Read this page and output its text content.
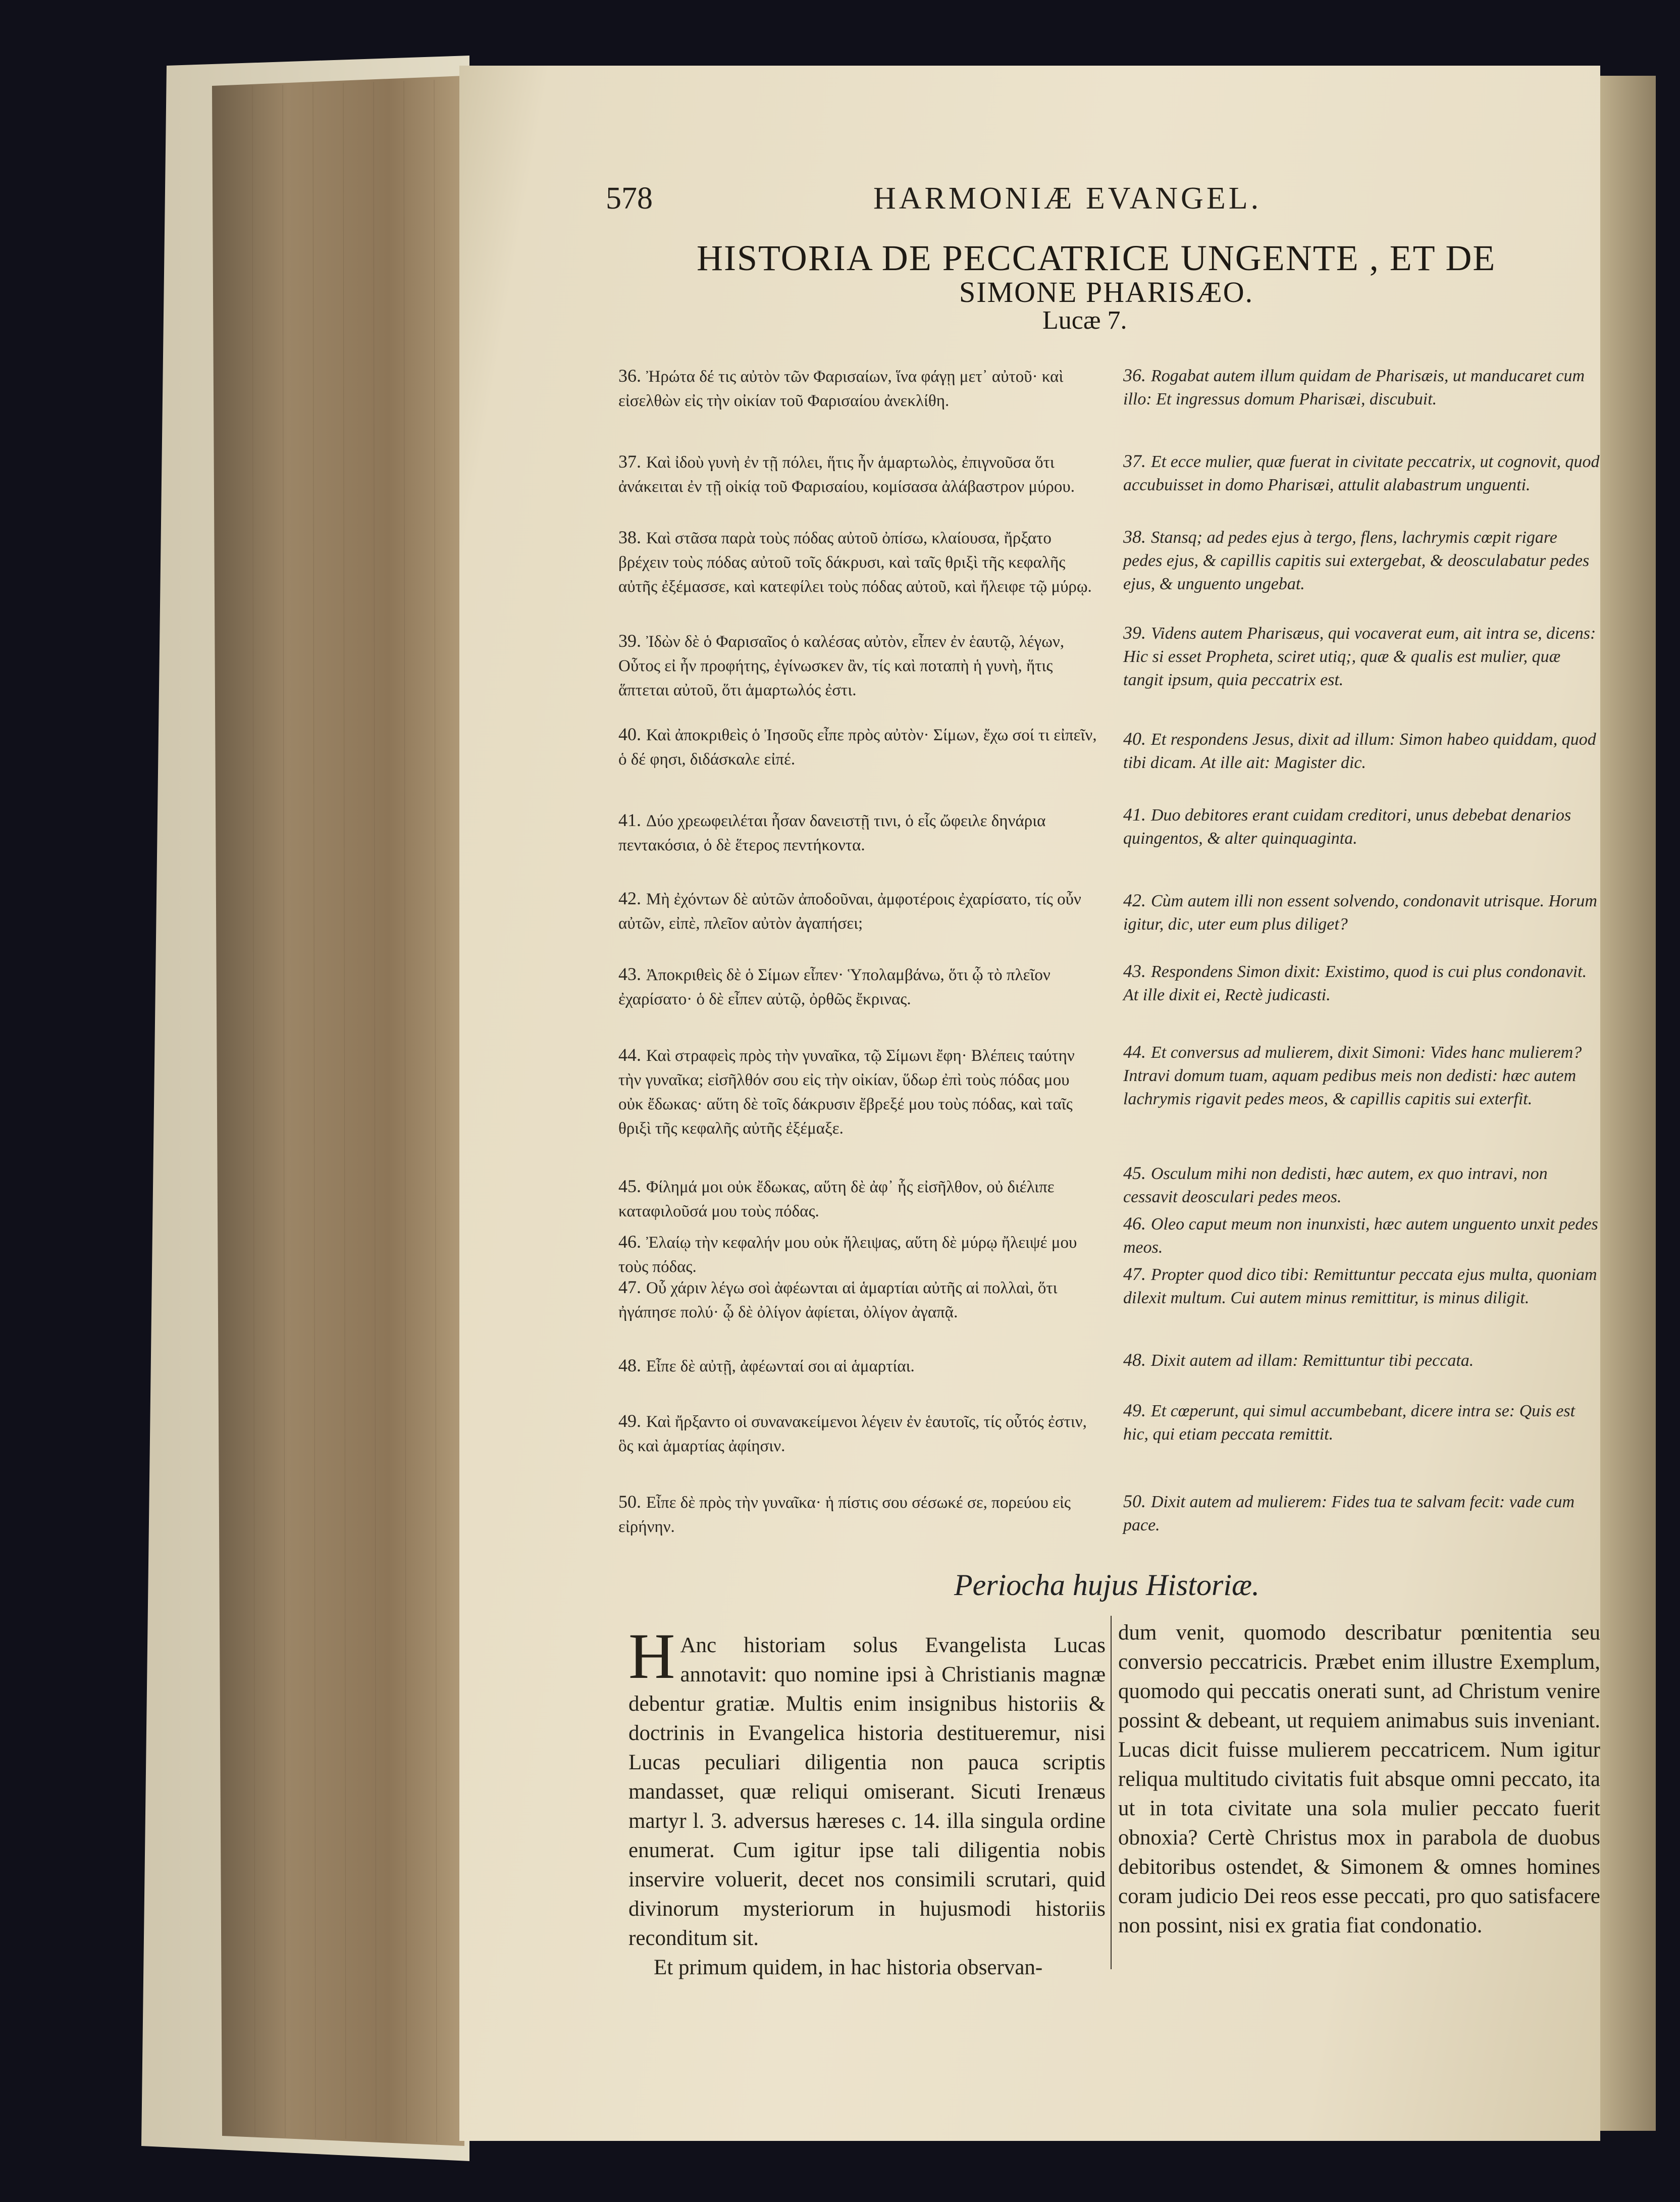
578	HARMONIÆ EVANGEL.
HISTORIA DE PECCATRICE UNGENTE , ET DE
SIMONE PHARISÆO.
Lucæ 7.
36. Ἠρώτα δέ τις αὐτὸν τῶν Φαρισαίων, ἵνα φάγῃ μετ᾽ αὐτοῦ· καὶ εἰσελθὼν εἰς τὴν οἰκίαν τοῦ Φαρισαίου ἀνεκλίθη.
37. Καὶ ἰδοὺ γυνὴ ἐν τῇ πόλει, ἥτις ἦν ἁμαρτωλὸς, ἐπιγνοῦσα ὅτι ἀνάκειται ἐν τῇ οἰκίᾳ τοῦ Φαρισαίου, κομίσασα ἀλάβαστρον μύρου.
38. Καὶ στᾶσα παρὰ τοὺς πόδας αὐτοῦ ὀπίσω, κλαίουσα, ἤρξατο βρέχειν τοὺς πόδας αὐτοῦ τοῖς δάκρυσι, καὶ ταῖς θριξὶ τῆς κεφαλῆς αὐτῆς ἐξέμασσε, καὶ κατεφίλει τοὺς πόδας αὐτοῦ, καὶ ἤλειφε τῷ μύρῳ.
39. Ἰδὼν δὲ ὁ Φαρισαῖος ὁ καλέσας αὐτὸν, εἶπεν ἐν ἑαυτῷ, λέγων, Οὗτος εἰ ἦν προφήτης, ἐγίνωσκεν ἂν, τίς καὶ ποταπὴ ἡ γυνὴ, ἥτις ἅπτεται αὐτοῦ, ὅτι ἁμαρτωλός ἐστι.
40. Καὶ ἀποκριθεὶς ὁ Ἰησοῦς εἶπε πρὸς αὐτὸν· Σίμων, ἔχω σοί τι εἰπεῖν, ὁ δέ φησι, διδάσκαλε εἰπέ.
41. Δύο χρεωφειλέται ἦσαν δανειστῇ τινι, ὁ εἷς ὤφειλε δηνάρια πεντακόσια, ὁ δὲ ἕτερος πεντήκοντα.
42. Μὴ ἐχόντων δὲ αὐτῶν ἀποδοῦναι, ἀμφοτέροις ἐχαρίσατο, τίς οὖν αὐτῶν, εἰπὲ, πλεῖον αὐτὸν ἀγαπήσει;
43. Ἀποκριθεὶς δὲ ὁ Σίμων εἶπεν· Ὑπολαμβάνω, ὅτι ᾧ τὸ πλεῖον ἐχαρίσατο· ὁ δὲ εἶπεν αὐτῷ, ὀρθῶς ἔκρινας.
44. Καὶ στραφεὶς πρὸς τὴν γυναῖκα, τῷ Σίμωνι ἔφη· Βλέπεις ταύτην τὴν γυναῖκα; εἰσῆλθόν σου εἰς τὴν οἰκίαν, ὕδωρ ἐπὶ τοὺς πόδας μου οὐκ ἔδωκας· αὕτη δὲ τοῖς δάκρυσιν ἔβρεξέ μου τοὺς πόδας, καὶ ταῖς θριξὶ τῆς κεφαλῆς αὐτῆς ἐξέμαξε.
45. Φίλημά μοι οὐκ ἔδωκας, αὕτη δὲ ἀφ᾽ ἧς εἰσῆλθον, οὐ διέλιπε καταφιλοῦσά μου τοὺς πόδας.
46. Ἐλαίῳ τὴν κεφαλήν μου οὐκ ἤλειψας, αὕτη δὲ μύρῳ ἤλειψέ μου τοὺς πόδας.
47. Οὗ χάριν λέγω σοὶ ἀφέωνται αἱ ἁμαρτίαι αὐτῆς αἱ πολλαὶ, ὅτι ἠγάπησε πολύ· ᾧ δὲ ὀλίγον ἀφίεται, ὀλίγον ἀγαπᾷ.
48. Εἶπε δὲ αὐτῇ, ἀφέωνταί σοι αἱ ἁμαρτίαι.
49. Καὶ ἤρξαντο οἱ συνανακείμενοι λέγειν ἐν ἑαυτοῖς, τίς οὗτός ἐστιν, ὃς καὶ ἁμαρτίας ἀφίησιν.
50. Εἶπε δὲ πρὸς τὴν γυναῖκα· ἡ πίστις σου σέσωκέ σε, πορεύου εἰς εἰρήνην.
36. Rogabat autem illum quidam de Pharisæis, ut manducaret cum illo: Et ingressus domum Pharisæi, discubuit.
37. Et ecce mulier, quæ fuerat in civitate peccatrix, ut cognovit, quod accubuisset in domo Pharisæi, attulit alabastrum unguenti.
38. Stansq; ad pedes ejus à tergo, flens, lachrymis cœpit rigare pedes ejus, & capillis capitis sui extergebat, & deosculabatur pedes ejus, & unguento ungebat.
39. Videns autem Pharisæus, qui vocaverat eum, ait intra se, dicens: Hic si esset Propheta, sciret utiq;, quæ & qualis est mulier, quæ tangit ipsum, quia peccatrix est.
40. Et respondens Jesus, dixit ad illum: Simon habeo quiddam, quod tibi dicam. At ille ait: Magister dic.
41. Duo debitores erant cuidam creditori, unus debebat denarios quingentos, & alter quinquaginta.
42. Cùm autem illi non essent solvendo, condonavit utrisque. Horum igitur, dic, uter eum plus diliget?
43. Respondens Simon dixit: Existimo, quod is cui plus condonavit. At ille dixit ei, Rectè judicasti.
44. Et conversus ad mulierem, dixit Simoni: Vides hanc mulierem? Intravi domum tuam, aquam pedibus meis non dedisti: hæc autem lachrymis rigavit pedes meos, & capillis capitis sui exterfit.
45. Osculum mihi non dedisti, hæc autem, ex quo intravi, non cessavit deosculari pedes meos.
46. Oleo caput meum non inunxisti, hæc autem unguento unxit pedes meos.
47. Propter quod dico tibi: Remittuntur peccata ejus multa, quoniam dilexit multum. Cui autem minus remittitur, is minus diligit.
48. Dixit autem ad illam: Remittuntur tibi peccata.
49. Et cœperunt, qui simul accumbebant, dicere intra se: Quis est hic, qui etiam peccata remittit.
50. Dixit autem ad mulierem: Fides tua te salvam fecit: vade cum pace.
Periocha hujus Historiæ.
H Anc historiam solus Evangelista Lucas annotavit: quo nomine ipsi à Christianis magnæ debentur gratiæ. Multis enim insignibus historiis & doctrinis in Evangelica historia destitueremur, nisi Lucas peculiari diligentia non pauca scriptis mandasset, quæ reliqui omiserant. Sicuti Irenæus martyr l. 3. adversus hæreses c. 14. illa singula ordine enumerat. Cum igitur ipse tali diligentia nobis inservire voluerit, decet nos consimili scrutari, quid divinorum mysteriorum in hujusmodi historiis reconditum sit.
Et primum quidem, in hac historia observan-
dum venit, quomodo describatur pœnitentia seu conversio peccatricis. Præbet enim illustre Exemplum, quomodo qui peccatis onerati sunt, ad Christum venire possint & debeant, ut requiem animabus suis inveniant. Lucas dicit fuisse mulierem peccatricem. Num igitur reliqua multitudo civitatis fuit absque omni peccato, ita ut in tota civitate una sola mulier peccato fuerit obnoxia? Certè Christus mox in parabola de duobus debitoribus ostendet, & Simonem & omnes homines coram judicio Dei reos esse peccati, pro quo satisfacere non possint, nisi ex gratia fiat condonatio.
